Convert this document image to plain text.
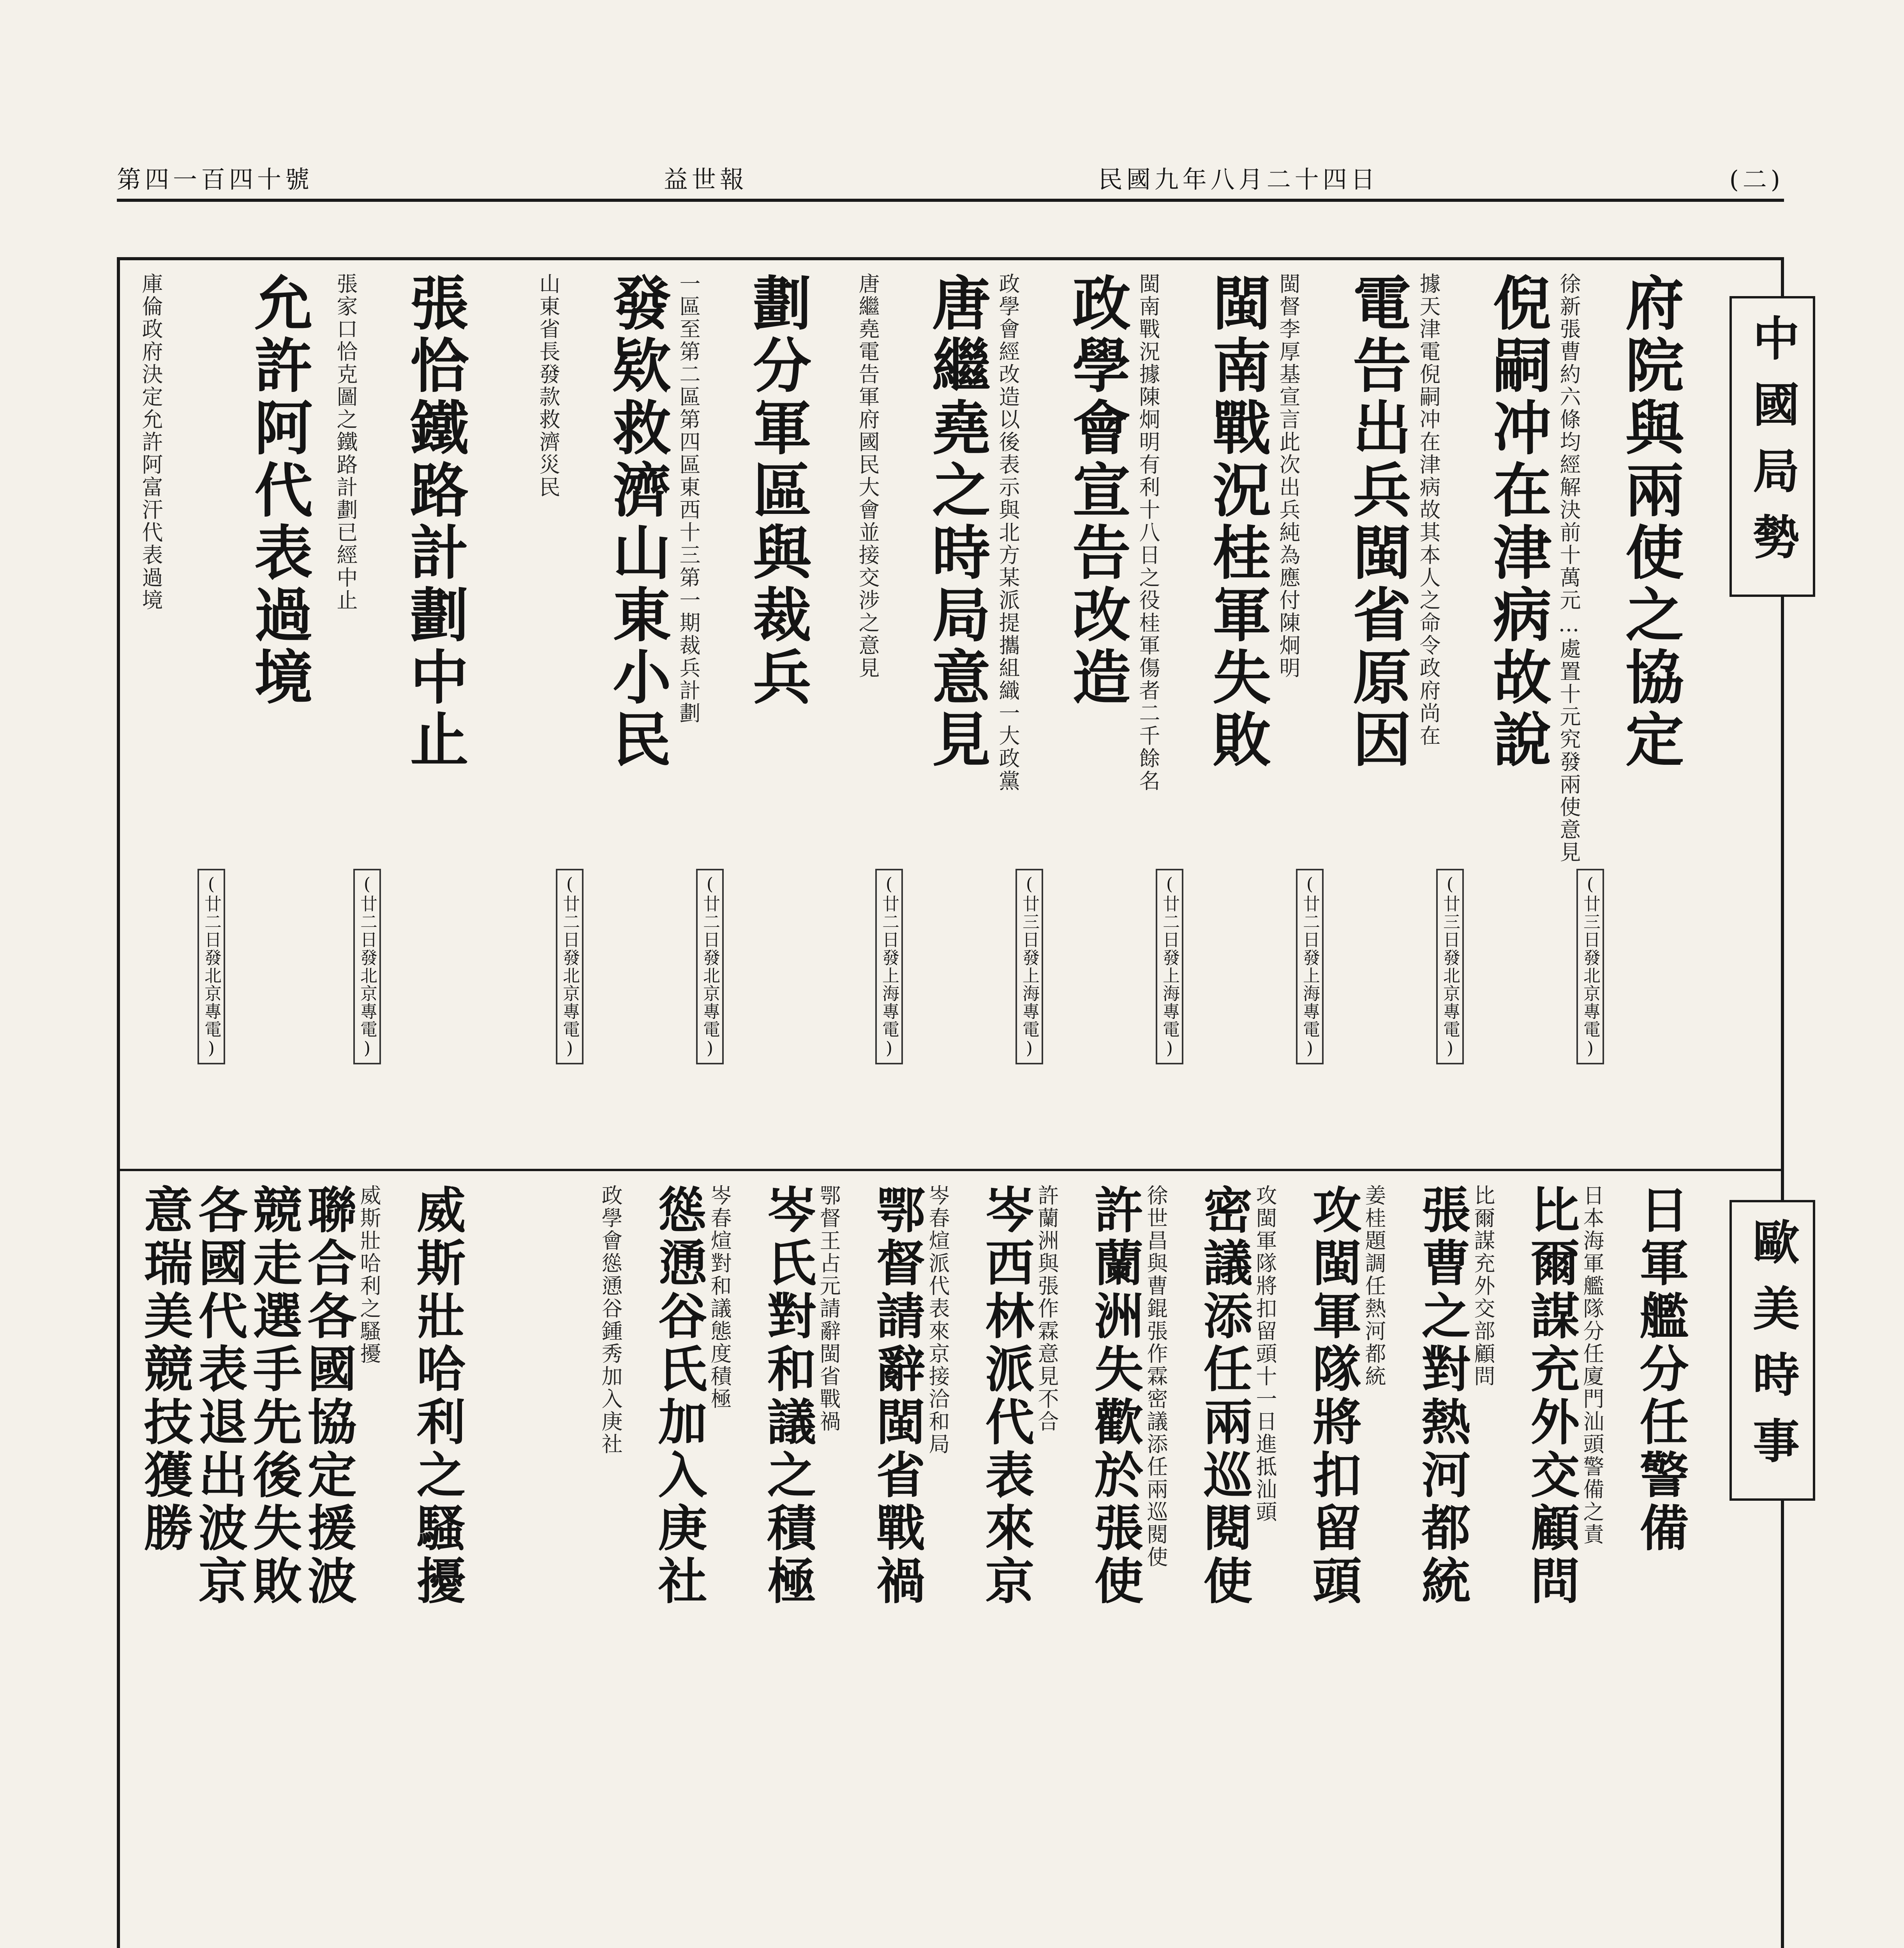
第四一百四十號	益世報	民國九年八月二十四日	(二)
中國局勢
歐美時事
府院與兩使之協定
(廿三日發北京專電)
徐新張曹約六條均經解決前十萬元…處置十元究發兩使意見
倪嗣冲在津病故說
(廿三日發北京專電)
據天津電倪嗣冲在津病故其本人之命令政府尚在
電告出兵閩省原因
(廿二日發上海專電)
閩督李厚基宣言此次出兵純為應付陳炯明
閩南戰況桂軍失敗
(廿二日發上海專電)
閩南戰況據陳炯明有利十八日之役桂軍傷者二千餘名
政學會宣告改造
(廿三日發上海專電)
政學會經改造以後表示與北方某派提攜組織一大政黨
唐繼堯之時局意見
(廿二日發上海專電)
唐繼堯電告軍府國民大會並接交涉之意見
劃分軍區與裁兵
(廿二日發北京專電)
一區至第二區第四區東西十三第一期裁兵計劃
發欵救濟山東小民
(廿二日發北京專電)
山東省長發款救濟災民
張恰鐵路計劃中止
(廿二日發北京專電)
張家口恰克圖之鐵路計劃已經中止
允許阿代表過境
(廿二日發北京專電)
庫倫政府決定允許阿富汗代表過境
日軍艦分任警備
日本海軍艦隊分任廈門汕頭警備之責
比爾謀充外交顧問
比爾謀充外交部顧問
張曹之對熱河都統
姜桂題調任熱河都統
攻閩軍隊將扣留頭
攻閩軍隊將扣留頭十一日進抵汕頭
密議添任兩巡閱使
徐世昌與曹錕張作霖密議添任兩巡閱使
許蘭洲失歡於張使
許蘭洲與張作霖意見不合
岑西林派代表來京
岑春煊派代表來京接洽和局
鄂督請辭閩省戰禍
鄂督王占元請辭閩省戰禍
岑氏對和議之積極
岑春煊對和議態度積極
慫慂谷氏加入庚社
政學會慫慂谷鍾秀加入庚社
威斯壯哈利之騷擾
威斯壯哈利之騷擾
聯合各國協定援波
競走選手先後失敗
各國代表退出波京
意瑞美競技獲勝
